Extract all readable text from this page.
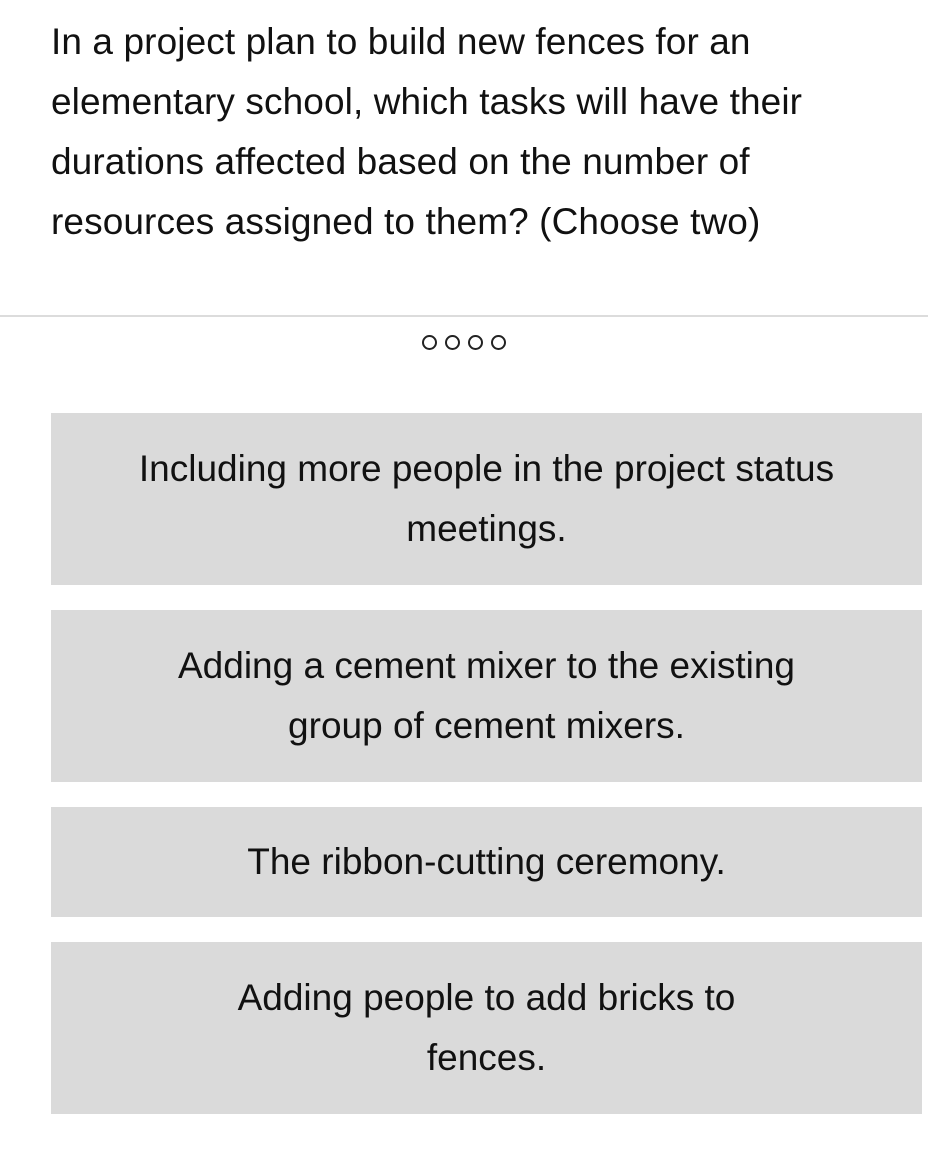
In a project plan to build new fences for an elementary school, which tasks will have their durations affected based on the number of resources assigned to them? (Choose two)

Including more people in the project status meetings.
Adding a cement mixer to the existing group of cement mixers.
The ribbon-cutting ceremony.
Adding people to add bricks to fences.
